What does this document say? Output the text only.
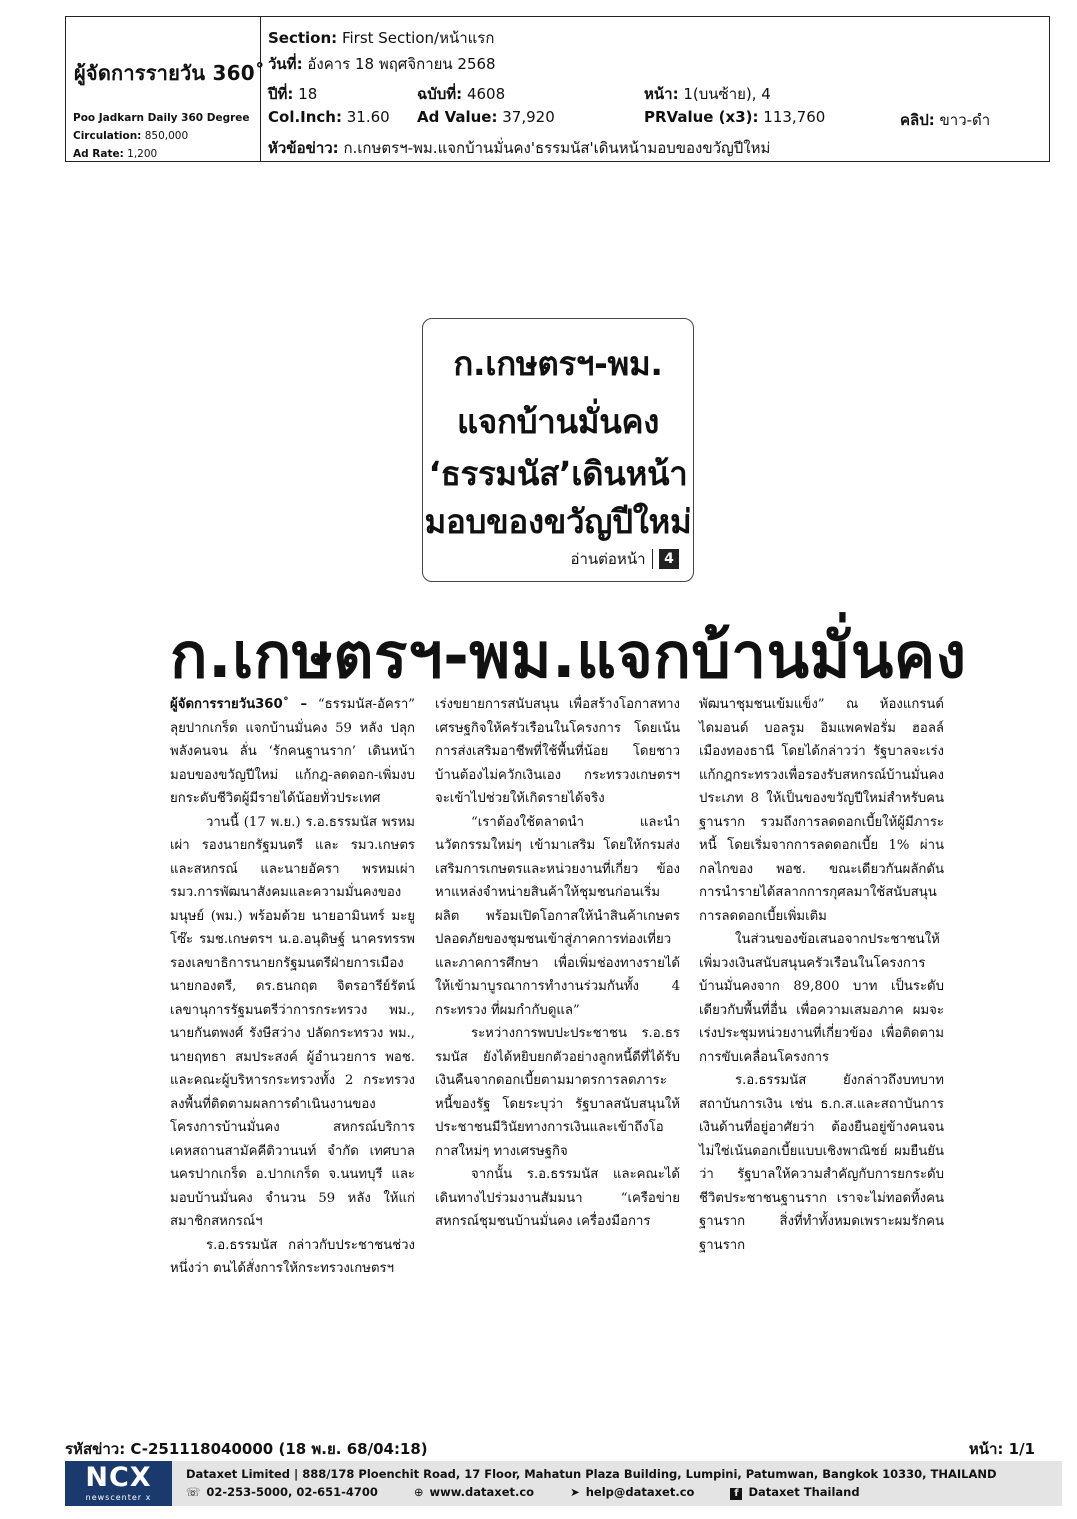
ผู้จัดการรายวัน 360˚
Poo Jadkarn Daily 360 Degree
Circulation: 850,000
Ad Rate: 1,200
Section: First Section/หน้าแรก
วันที่: อังคาร 18 พฤศจิกายน 2568
ปีที่: 18	ฉบับที่: 4608	หน้า: 1(บนซ้าย), 4
Col.Inch: 31.60 Ad Value: 37,920	PRValue (x3): 113,760	คลิป: ขาว-ดำ
หัวข้อข่าว: ก.เกษตรฯ-พม.แจกบ้านมั่นคง'ธรรมนัส'เดินหน้ามอบของขวัญปีใหม่
ก.เกษตรฯ-พม.
แจกบ้านมั่นคง
‘ธรรมนัส’เดินหน้า
มอบของขวัญปีใหม่
อ่านต่อหน้า	4
ก.เกษตรฯ-พม.แจกบ้านมั่นคง

ผู้จัดการรายวัน360˚ – “ธรรมนัส-อัครา” ลุยปากเกร็ด แจกบ้านมั่นคง 59 หลัง ปลุกพลังคนจน ลั่น ‘รักคนฐานราก’ เดินหน้ามอบของขวัญปีใหม่ แก้กฎ-ลดดอก-เพิ่มงบ ยกระดับชีวิตผู้มีรายได้น้อยทั่วประเทศ

วานนี้ (17 พ.ย.) ร.อ.ธรรมนัส พรหมเผ่า รองนายกรัฐมนตรี และ รมว.เกษตรและสหกรณ์ และนายอัครา พรหมเผ่า รมว.การพัฒนาสังคมและความมั่นคงของมนุษย์ (พม.) พร้อมด้วย นายอามินทร์ มะยูโซ๊ะ รมช.เกษตรฯ น.อ.อนุดิษฐ์ นาครทรรพ รองเลขาธิการนายกรัฐมนตรีฝ่ายการเมือง นายกองตรี, ดร.ธนกฤต จิตรอารีย์รัตน์ เลขานุการรัฐมนตรีว่าการกระทรวง พม., นายกันตพงศ์ รังษีสว่าง ปลัดกระทรวง พม., นายฤทธา สมประสงค์ ผู้อำนวยการ พอช. และคณะผู้บริหารกระทรวงทั้ง 2 กระทรวง ลงพื้นที่ติดตามผลการดำเนินงานของโครงการบ้านมั่นคง สหกรณ์บริการเคหสถานสามัคคีติวานนท์ จำกัด เทศบาลนครปากเกร็ด อ.ปากเกร็ด จ.นนทบุรี และมอบบ้านมั่นคง จำนวน 59 หลัง ให้แก่สมาชิกสหกรณ์ฯ

ร.อ.ธรรมนัส กล่าวกับประชาชนช่วงหนึ่งว่า ตนได้สั่งการให้กระทรวงเกษตรฯ

เร่งขยายการสนับสนุน เพื่อสร้างโอกาสทางเศรษฐกิจให้ครัวเรือนในโครงการ โดยเน้นการส่งเสริมอาชีพที่ใช้พื้นที่น้อย โดยชาวบ้านต้องไม่ควักเงินเอง กระทรวงเกษตรฯ จะเข้าไปช่วยให้เกิดรายได้จริง

“เราต้องใช้ตลาดนำ และนำนวัตกรรมใหม่ๆ เข้ามาเสริม โดยให้กรมส่งเสริมการเกษตรและหน่วยงานที่เกี่ยว ข้อง หาแหล่งจำหน่ายสินค้าให้ชุมชนก่อนเริ่มผลิต พร้อมเปิดโอกาสให้นำสินค้าเกษตรปลอดภัยของชุมชนเข้าสู่ภาคการท่องเที่ยวและภาคการศึกษา เพื่อเพิ่มช่องทางรายได้ ให้เข้ามาบูรณาการทำงานร่วมกันทั้ง 4 กระทรวง ที่ผมกำกับดูแล”

ระหว่างการพบปะประชาชน ร.อ.ธรรมนัส ยังได้หยิบยกตัวอย่างลูกหนี้ดีที่ได้รับเงินคืนจากดอกเบี้ยตามมาตรการลดภาระหนี้ของรัฐ โดยระบุว่า รัฐบาลสนับสนุนให้ประชาชนมีวินัยทางการเงินและเข้าถึงโอกาสใหม่ๆ ทางเศรษฐกิจ

จากนั้น ร.อ.ธรรมนัส และคณะได้เดินทางไปร่วมงานสัมมนา “เครือข่ายสหกรณ์ชุมชนบ้านมั่นคง เครื่องมือการ

พัฒนาชุมชนเข้มแข็ง” ณ ห้องแกรนด์ไดมอนด์ บอลรูม อิมแพคฟอรั่ม ฮอลล์ เมืองทองธานี โดยได้กล่าวว่า รัฐบาลจะเร่งแก้กฎกระทรวงเพื่อรองรับสหกรณ์บ้านมั่นคงประเภท 8 ให้เป็นของขวัญปีใหม่สำหรับคนฐานราก รวมถึงการลดดอกเบี้ยให้ผู้มีภาระหนี้ โดยเริ่มจากการลดดอกเบี้ย 1% ผ่านกลไกของ พอช. ขณะเดียวกันผลักดันการนำรายได้สลากการกุศลมาใช้สนับสนุนการลดดอกเบี้ยเพิ่มเติม

ในส่วนของข้อเสนอจากประชาชนให้เพิ่มวงเงินสนับสนุนครัวเรือนในโครงการบ้านมั่นคงจาก 89,800 บาท เป็นระดับเดียวกับพื้นที่อื่น เพื่อความเสมอภาค ผมจะเร่งประชุมหน่วยงานที่เกี่ยวข้อง เพื่อติดตามการขับเคลื่อนโครงการ

ร.อ.ธรรมนัส ยังกล่าวถึงบทบาทสถาบันการเงิน เช่น ธ.ก.ส.และสถาบันการเงินด้านที่อยู่อาศัยว่า ต้องยืนอยู่ข้างคนจน ไม่ใช่เน้นดอกเบี้ยแบบเชิงพาณิชย์ ผมยืนยันว่า รัฐบาลให้ความสำคัญกับการยกระดับชีวิตประชาชนฐานราก เราจะไม่ทอดทิ้งคนฐานราก สิ่งที่ทำทั้งหมดเพราะผมรักคนฐานราก

รหัสข่าว: C-251118040000 (18 พ.ย. 68/04:18)	หน้า: 1/1
NCX
newscenter x
Dataxet Limited | 888/178 Ploenchit Road, 17 Floor, Mahatun Plaza Building, Lumpini, Patumwan, Bangkok 10330, THAILAND
☏ 02-253-5000, 02-651-4700	⊕ www.dataxet.co	➤ help@dataxet.co	f Dataxet Thailand
